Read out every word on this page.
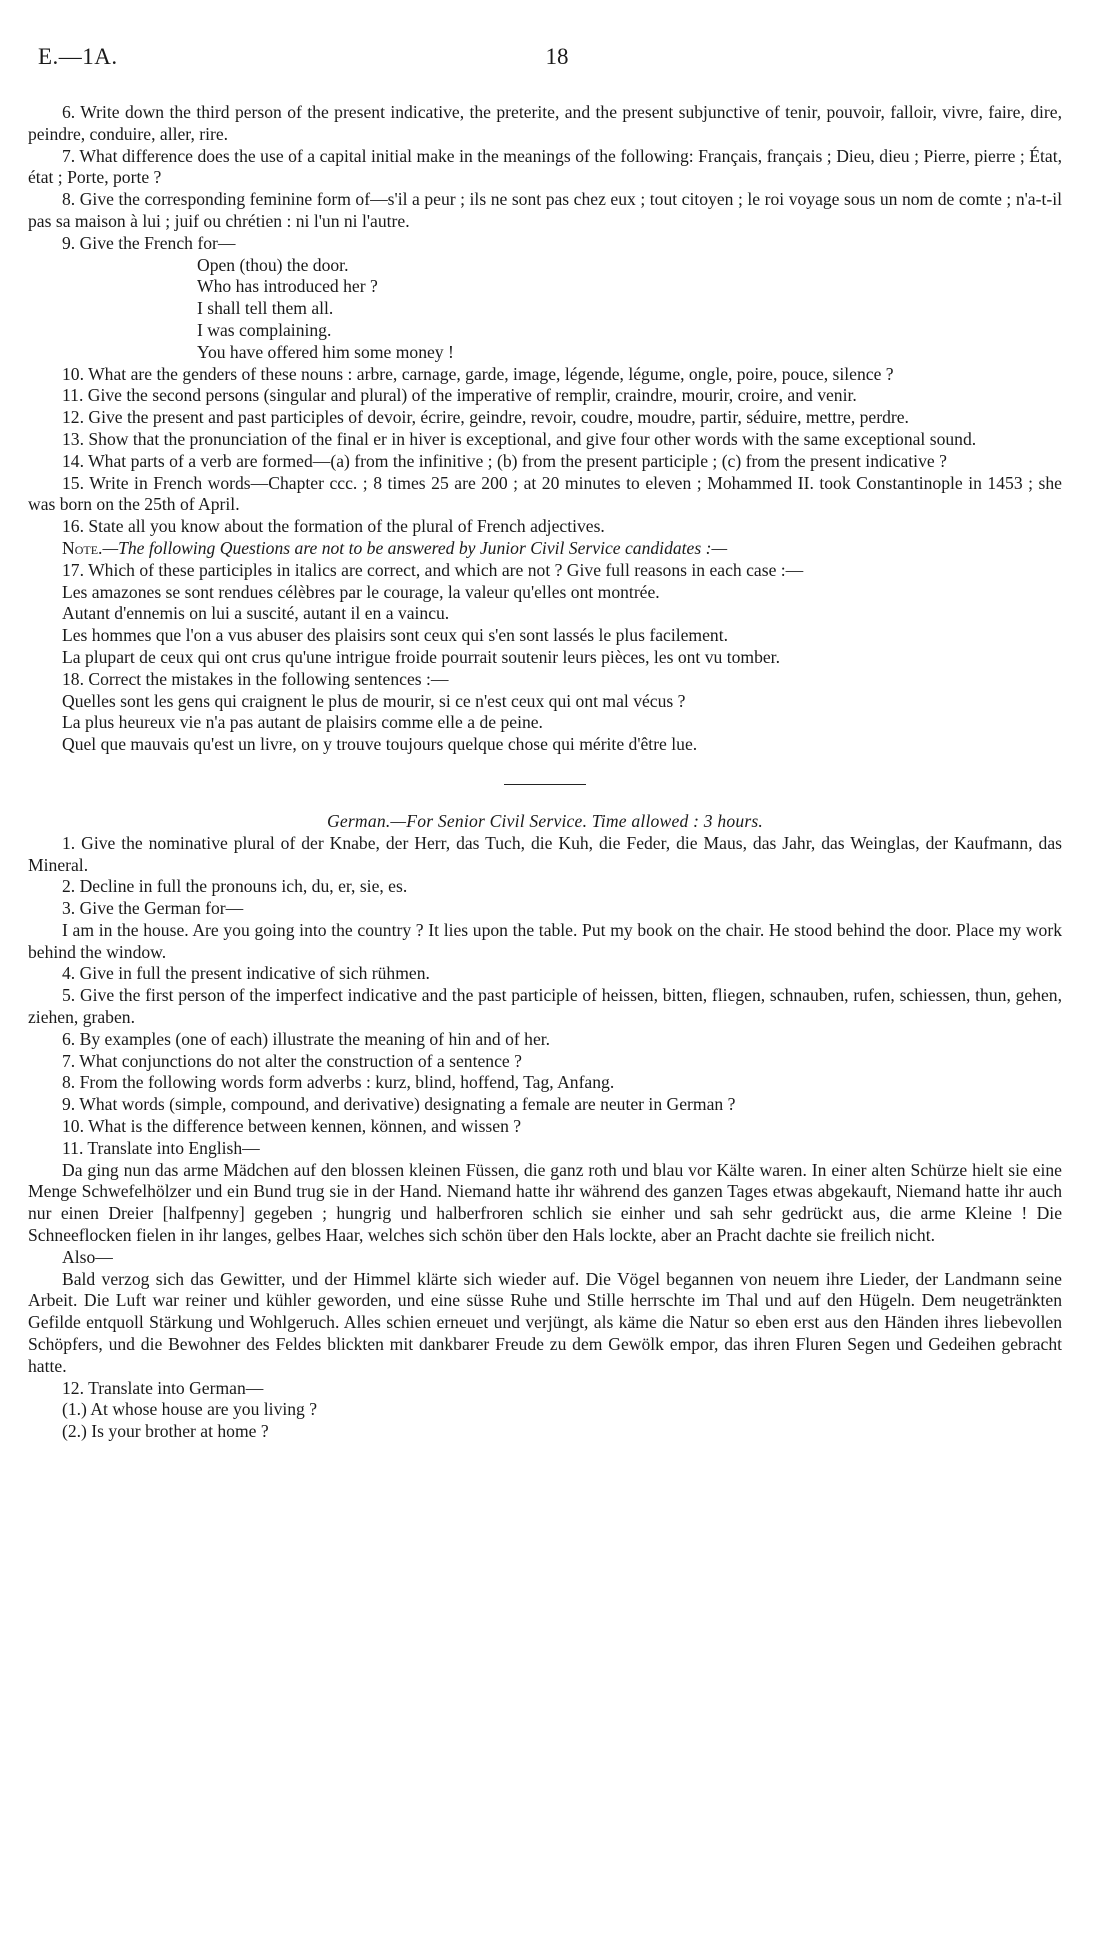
E.—1A.	18

6. Write down the third person of the present indicative, the preterite, and the present subjunctive of tenir, pouvoir, falloir, vivre, faire, dire, peindre, conduire, aller, rire.

7. What difference does the use of a capital initial make in the meanings of the following: Français, français ; Dieu, dieu ; Pierre, pierre ; État, état ; Porte, porte ?

8. Give the corresponding feminine form of—s'il a peur ; ils ne sont pas chez eux ; tout citoyen ; le roi voyage sous un nom de comte ; n'a-t-il pas sa maison à lui ; juif ou chrétien : ni l'un ni l'autre.

9. Give the French for—

Open (thou) the door.

Who has introduced her ?

I shall tell them all.

I was complaining.

You have offered him some money !

10. What are the genders of these nouns : arbre, carnage, garde, image, légende, légume, ongle, poire, pouce, silence ?

11. Give the second persons (singular and plural) of the imperative of remplir, craindre, mourir, croire, and venir.

12. Give the present and past participles of devoir, écrire, geindre, revoir, coudre, moudre, partir, séduire, mettre, perdre.

13. Show that the pronunciation of the final er in hiver is exceptional, and give four other words with the same exceptional sound.

14. What parts of a verb are formed—(a) from the infinitive ; (b) from the present participle ; (c) from the present indicative ?

15. Write in French words—Chapter ccc. ; 8 times 25 are 200 ; at 20 minutes to eleven ; Mohammed II. took Constantinople in 1453 ; she was born on the 25th of April.

16. State all you know about the formation of the plural of French adjectives.

Note.—The following Questions are not to be answered by Junior Civil Service candidates :—

17. Which of these participles in italics are correct, and which are not ? Give full reasons in each case :—

Les amazones se sont rendues célèbres par le courage, la valeur qu'elles ont montrée.

Autant d'ennemis on lui a suscité, autant il en a vaincu.

Les hommes que l'on a vus abuser des plaisirs sont ceux qui s'en sont lassés le plus facilement.

La plupart de ceux qui ont crus qu'une intrigue froide pourrait soutenir leurs pièces, les ont vu tomber.

18. Correct the mistakes in the following sentences :—

Quelles sont les gens qui craignent le plus de mourir, si ce n'est ceux qui ont mal vécus ?

La plus heureux vie n'a pas autant de plaisirs comme elle a de peine.

Quel que mauvais qu'est un livre, on y trouve toujours quelque chose qui mérite d'être lue.

German.—For Senior Civil Service. Time allowed : 3 hours.

1. Give the nominative plural of der Knabe, der Herr, das Tuch, die Kuh, die Feder, die Maus, das Jahr, das Weinglas, der Kaufmann, das Mineral.

2. Decline in full the pronouns ich, du, er, sie, es.

3. Give the German for—

I am in the house. Are you going into the country ? It lies upon the table. Put my book on the chair. He stood behind the door. Place my work behind the window.

4. Give in full the present indicative of sich rühmen.

5. Give the first person of the imperfect indicative and the past participle of heissen, bitten, fliegen, schnauben, rufen, schiessen, thun, gehen, ziehen, graben.

6. By examples (one of each) illustrate the meaning of hin and of her.

7. What conjunctions do not alter the construction of a sentence ?

8. From the following words form adverbs : kurz, blind, hoffend, Tag, Anfang.

9. What words (simple, compound, and derivative) designating a female are neuter in German ?

10. What is the difference between kennen, können, and wissen ?

11. Translate into English—

Da ging nun das arme Mädchen auf den blossen kleinen Füssen, die ganz roth und blau vor Kälte waren. In einer alten Schürze hielt sie eine Menge Schwefelhölzer und ein Bund trug sie in der Hand. Niemand hatte ihr während des ganzen Tages etwas abgekauft, Niemand hatte ihr auch nur einen Dreier [halfpenny] gegeben ; hungrig und halberfroren schlich sie einher und sah sehr gedrückt aus, die arme Kleine ! Die Schneeflocken fielen in ihr langes, gelbes Haar, welches sich schön über den Hals lockte, aber an Pracht dachte sie freilich nicht.

Also—

Bald verzog sich das Gewitter, und der Himmel klärte sich wieder auf. Die Vögel begannen von neuem ihre Lieder, der Landmann seine Arbeit. Die Luft war reiner und kühler geworden, und eine süsse Ruhe und Stille herrschte im Thal und auf den Hügeln. Dem neugetränkten Gefilde entquoll Stärkung und Wohlgeruch. Alles schien erneuet und verjüngt, als käme die Natur so eben erst aus den Händen ihres liebevollen Schöpfers, und die Bewohner des Feldes blickten mit dankbarer Freude zu dem Gewölk empor, das ihren Fluren Segen und Gedeihen gebracht hatte.

12. Translate into German—

(1.) At whose house are you living ?

(2.) Is your brother at home ?
